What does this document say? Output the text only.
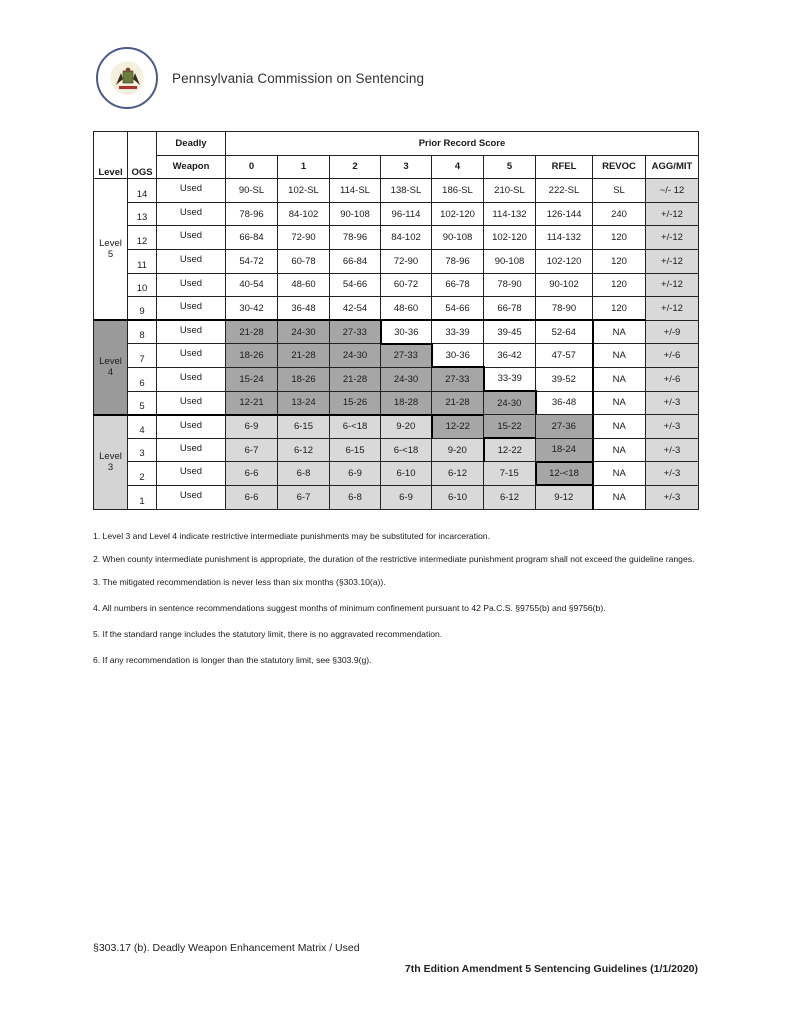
Pennsylvania Commission on Sentencing
Level	OGS	Deadly	Prior Record Score								
		Weapon	0	1	2	3	4	5	RFEL	REVOC	AGG/MIT
Level 5	14	Used	90-SL	102-SL	114-SL	138-SL	186-SL	210-SL	222-SL	SL	~/- 12
	13	Used	78-96	84-102	90-108	96-114	102-120	114-132	126-144	240	+/-12
	12	Used	66-84	72-90	78-96	84-102	90-108	102-120	114-132	120	+/-12
	11	Used	54-72	60-78	66-84	72-90	78-96	90-108	102-120	120	+/-12
	10	Used	40-54	48-60	54-66	60-72	66-78	78-90	90-102	120	+/-12
	9	Used	30-42	36-48	42-54	48-60	54-66	66-78	78-90	120	+/-12
Level 4	8	Used	21-28	24-30	27-33	30-36	33-39	39-45	52-64	NA	+/-9
	7	Used	18-26	21-28	24-30	27-33	30-36	36-42	47-57	NA	+/-6
	6	Used	15-24	18-26	21-28	24-30	27-33	33-39	39-52	NA	+/-6
	5	Used	12-21	13-24	15-26	18-28	21-28	24-30	36-48	NA	+/-3
Level 3	4	Used	6-9	6-15	6-<18	9-20	12-22	15-22	27-36	NA	+/-3
	3	Used	6-7	6-12	6-15	6-<18	9-20	12-22	18-24	NA	+/-3
	2	Used	6-6	6-8	6-9	6-10	6-12	7-15	12-<18	NA	+/-3
	1	Used	6-6	6-7	6-8	6-9	6-10	6-12	9-12	NA	+/-3

1. Level 3 and Level 4 indicate restrictive intermediate punishments may be substituted for incarceration.

2. When county intermediate punishment is appropriate, the duration of the restrictive intermediate punishment program shall not exceed the guideline ranges.

3. The mitigated recommendation is never less than six months (§303.10(a)).

4. All numbers in sentence recommendations suggest months of minimum confinement pursuant to 42 Pa.C.S. §9755(b) and §9756(b).

5. If the standard range includes the statutory limit, there is no aggravated recommendation.

6. If any recommendation is longer than the statutory limit, see §303.9(g).

§303.17 (b). Deadly Weapon Enhancement Matrix / Used
7th Edition Amendment 5 Sentencing Guidelines (1/1/2020)
